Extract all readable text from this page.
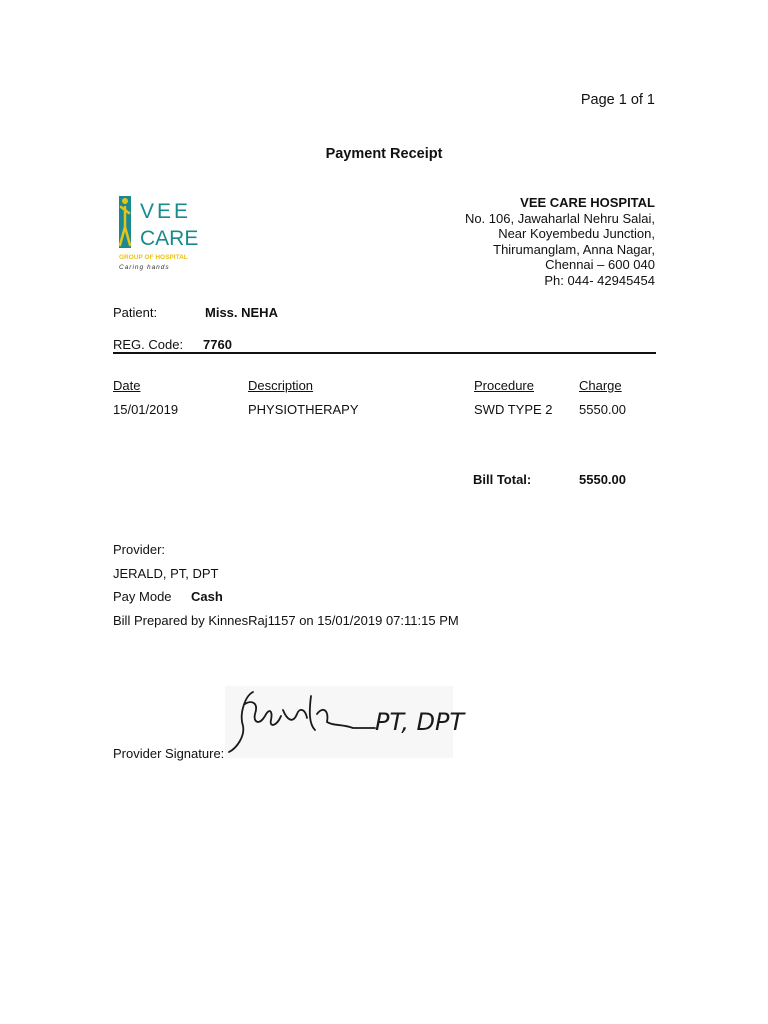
Page 1 of 1
Payment Receipt
VEE
CARE
GROUP OF HOSPITAL
Caring hands
VEE CARE HOSPITAL
No. 106, Jawaharlal Nehru Salai,
Near Koyembedu Junction,
Thirumanglam, Anna Nagar,
Chennai – 600 040
Ph: 044- 42945454
Patient:	Miss. NEHA
REG. Code: 7760
Date	Description	Procedure	Charge
15/01/2019	PHYSIOTHERAPY	SWD TYPE 2 5550.00
Bill Total:	5550.00
Provider:
JERALD, PT, DPT
Pay Mode Cash
Bill Prepared by KinnesRaj1157 on 15/01/2019 07:11:15 PM
Provider Signature:
PT, DPT
